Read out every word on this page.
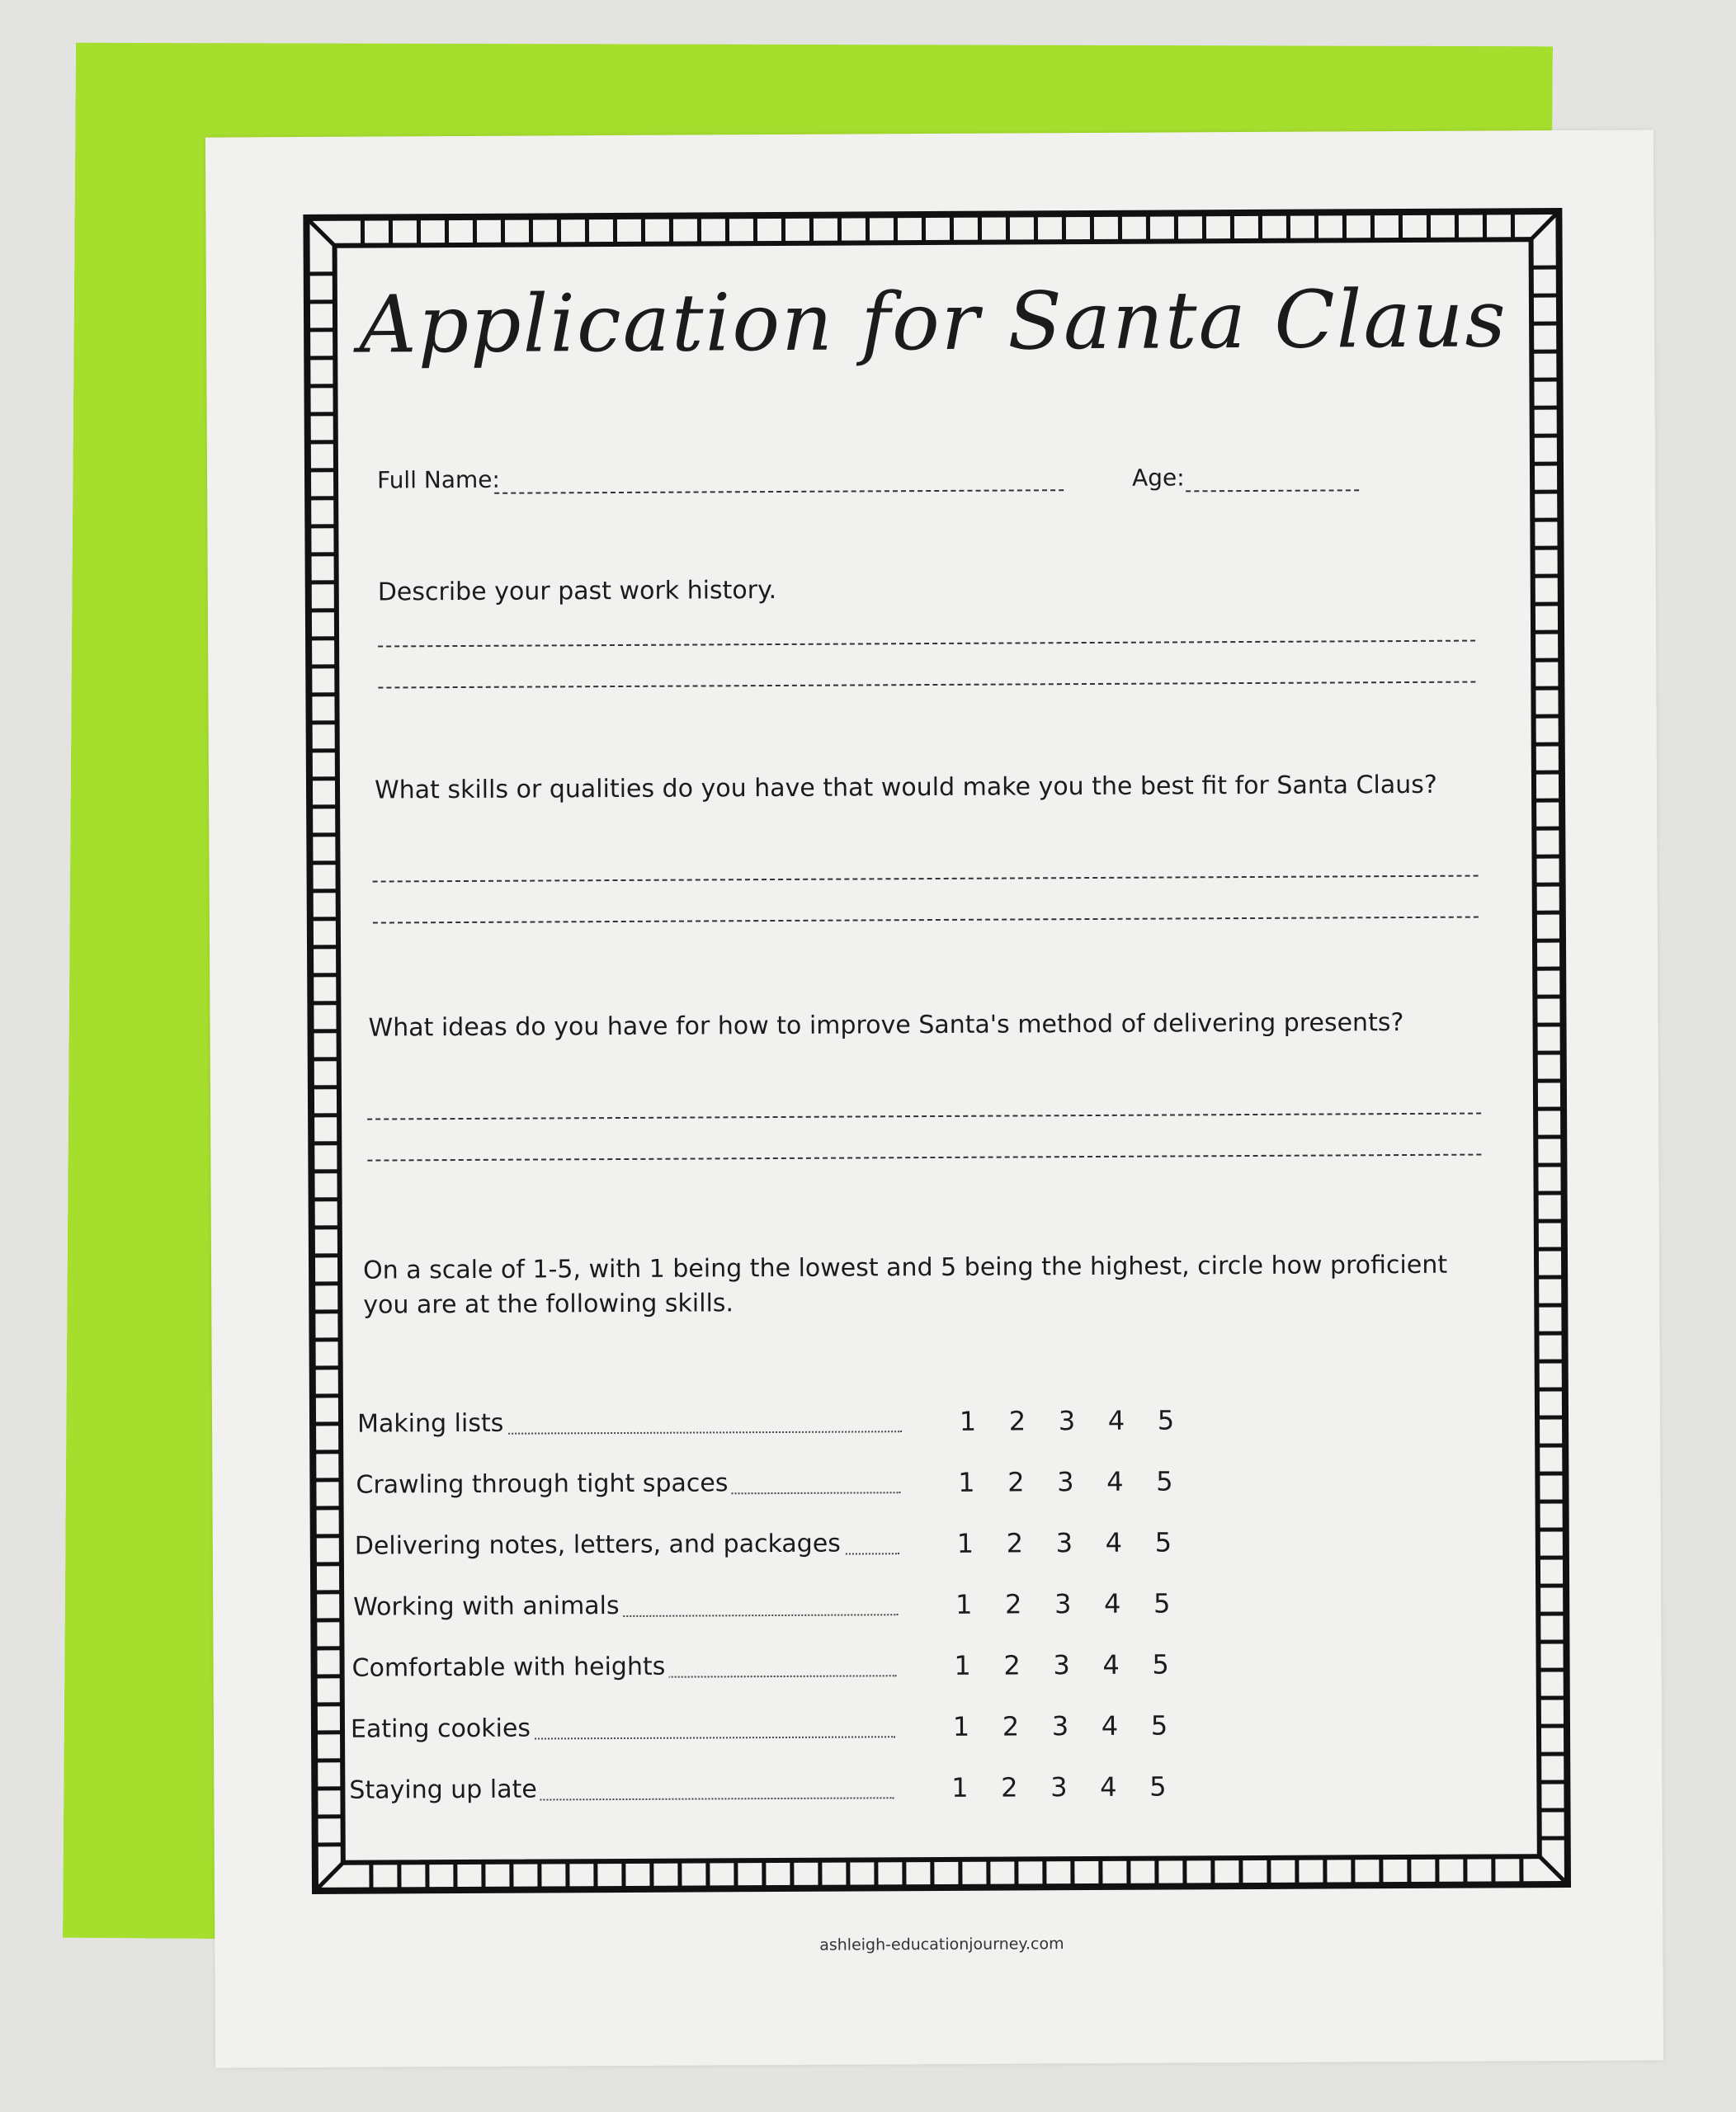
Application for Santa Claus
Full Name:	Age:
Describe your past work history.
What skills or qualities do you have that would make you the best fit for Santa Claus?
What ideas do you have for how to improve Santa's method of delivering presents?
On a scale of 1-5, with 1 being the lowest and 5 being the highest, circle how proficient you are at the following skills.
Making lists	1	2	3	4	5
Crawling through tight spaces	1	2	3	4	5
Delivering notes, letters, and packages	1	2	3	4	5
Working with animals	1	2	3	4	5
Comfortable with heights	1	2	3	4	5
Eating cookies	1	2	3	4	5
Staying up late	1	2	3	4	5
ashleigh-educationjourney.com
